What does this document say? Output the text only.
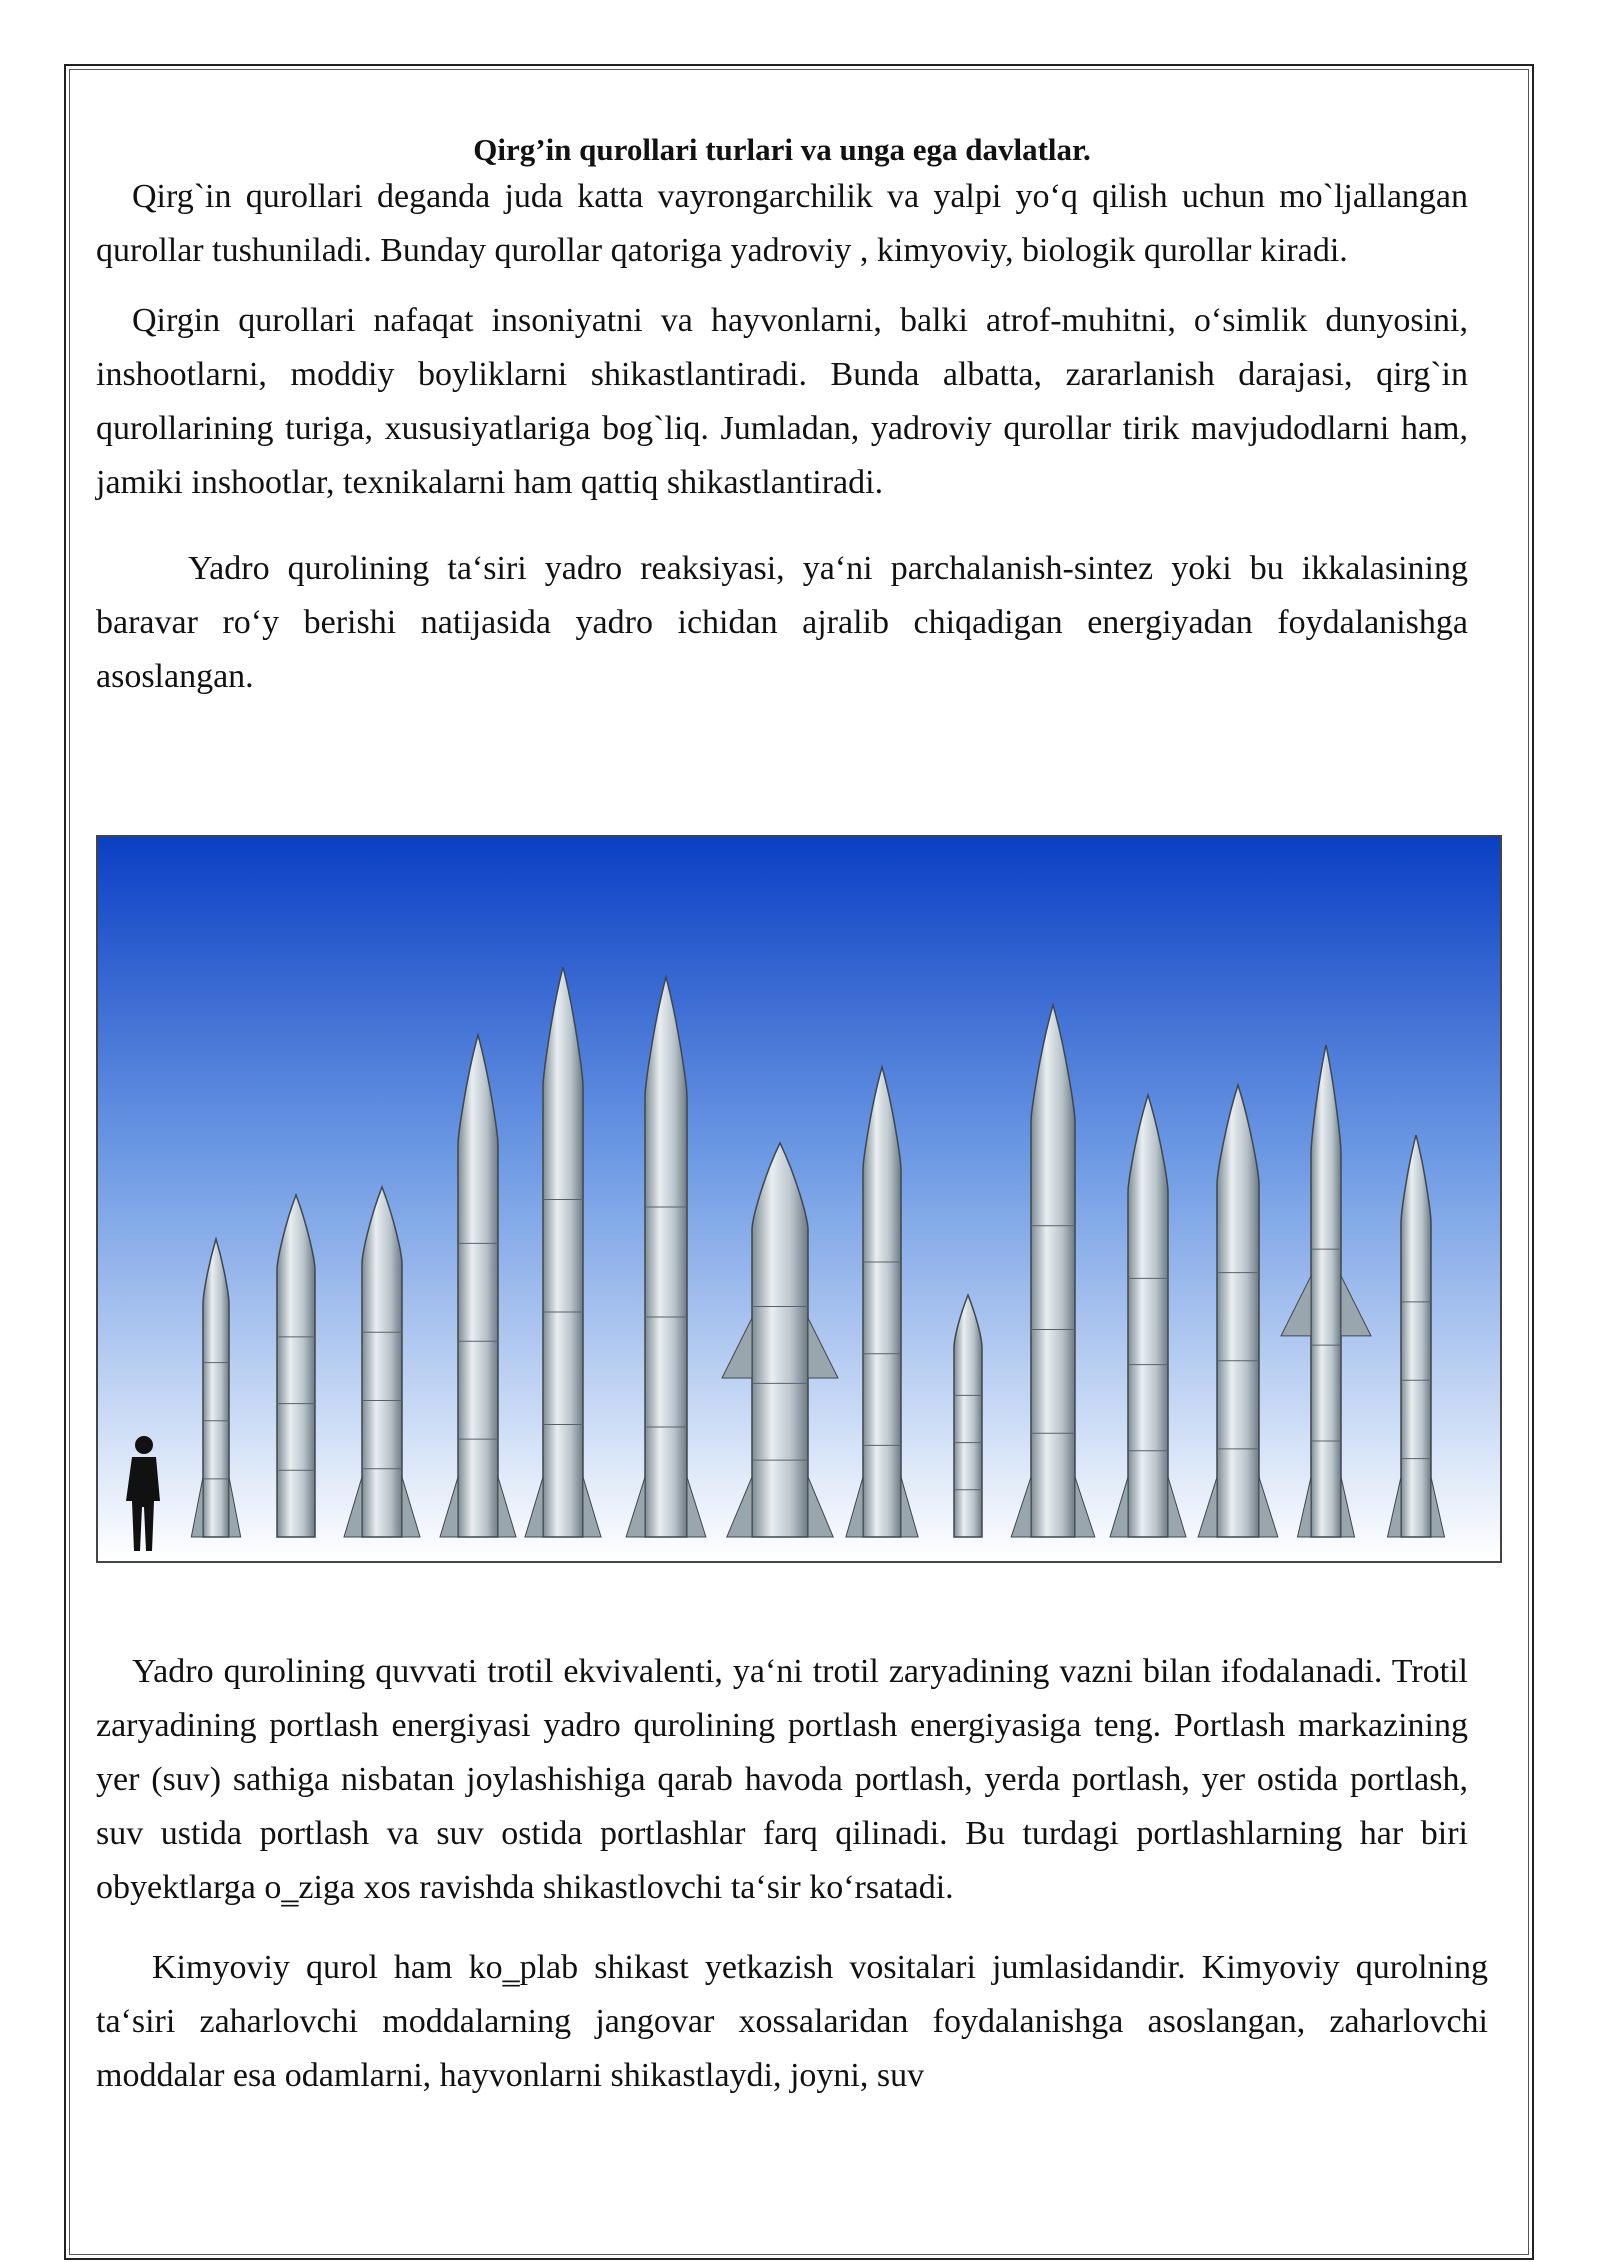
Qirg’in qurollari turlari va unga ega davlatlar.

Qirg`in qurollari deganda juda katta vayrongarchilik va yalpi yo‘q qilish uchun mo`ljallangan qurollar tushuniladi. Bunday qurollar qatoriga yadroviy , kimyoviy, biologik qurollar kiradi.

Qirgin qurollari nafaqat insoniyatni va hayvonlarni, balki atrof-muhitni, o‘simlik dunyosini, inshootlarni, moddiy boyliklarni shikastlantiradi. Bunda albatta, zararlanish darajasi, qirg`in qurollarining turiga, xususiyatlariga bog`liq. Jumladan, yadroviy qurollar tirik mavjudodlarni ham, jamiki inshootlar, texnikalarni ham qattiq shikastlantiradi.

Yadro qurolining ta‘siri yadro reaksiyasi, ya‘ni parchalanish-sintez yoki bu ikkalasining baravar ro‘y berishi natijasida yadro ichidan ajralib chiqadigan energiyadan foydalanishga asoslangan.

Yadro qurolining quvvati trotil ekvivalenti, ya‘ni trotil zaryadining vazni bilan ifodalanadi. Trotil zaryadining portlash energiyasi yadro qurolining portlash energiyasiga teng. Portlash markazining yer (suv) sathiga nisbatan joylashishiga qarab havoda portlash, yerda portlash, yer ostida portlash, suv ustida portlash va suv ostida portlashlar farq qilinadi. Bu turdagi portlashlarning har biri obyektlarga o‗ziga xos ravishda shikastlovchi ta‘sir ko‘rsatadi.

Kimyoviy qurol ham ko‗plab shikast yetkazish vositalari jumlasidandir. Kimyoviy qurolning ta‘siri zaharlovchi moddalarning jangovar xossalaridan foydalanishga asoslangan, zaharlovchi moddalar esa odamlarni, hayvonlarni shikastlaydi, joyni, suv
